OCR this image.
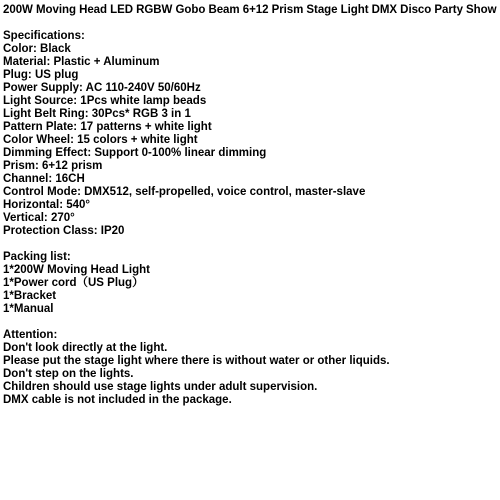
200W Moving Head LED RGBW Gobo Beam 6+12 Prism Stage Light DMX Disco Party Show
Specifications:
Color: Black
Material: Plastic + Aluminum
Plug: US plug
Power Supply: AC 110-240V 50/60Hz
Light Source: 1Pcs white lamp beads
Light Belt Ring: 30Pcs* RGB 3 in 1
Pattern Plate: 17 patterns + white light
Color Wheel: 15 colors + white light
Dimming Effect: Support 0-100% linear dimming
Prism: 6+12 prism
Channel: 16CH
Control Mode: DMX512, self-propelled, voice control, master-slave
Horizontal: 540°
Vertical: 270°
Protection Class: IP20
Packing list:
1*200W Moving Head Light
1*Power cord（US Plug）
1*Bracket
1*Manual
Attention:
Don't look directly at the light.
Please put the stage light where there is without water or other liquids.
Don't step on the lights.
Children should use stage lights under adult supervision.
DMX cable is not included in the package.
